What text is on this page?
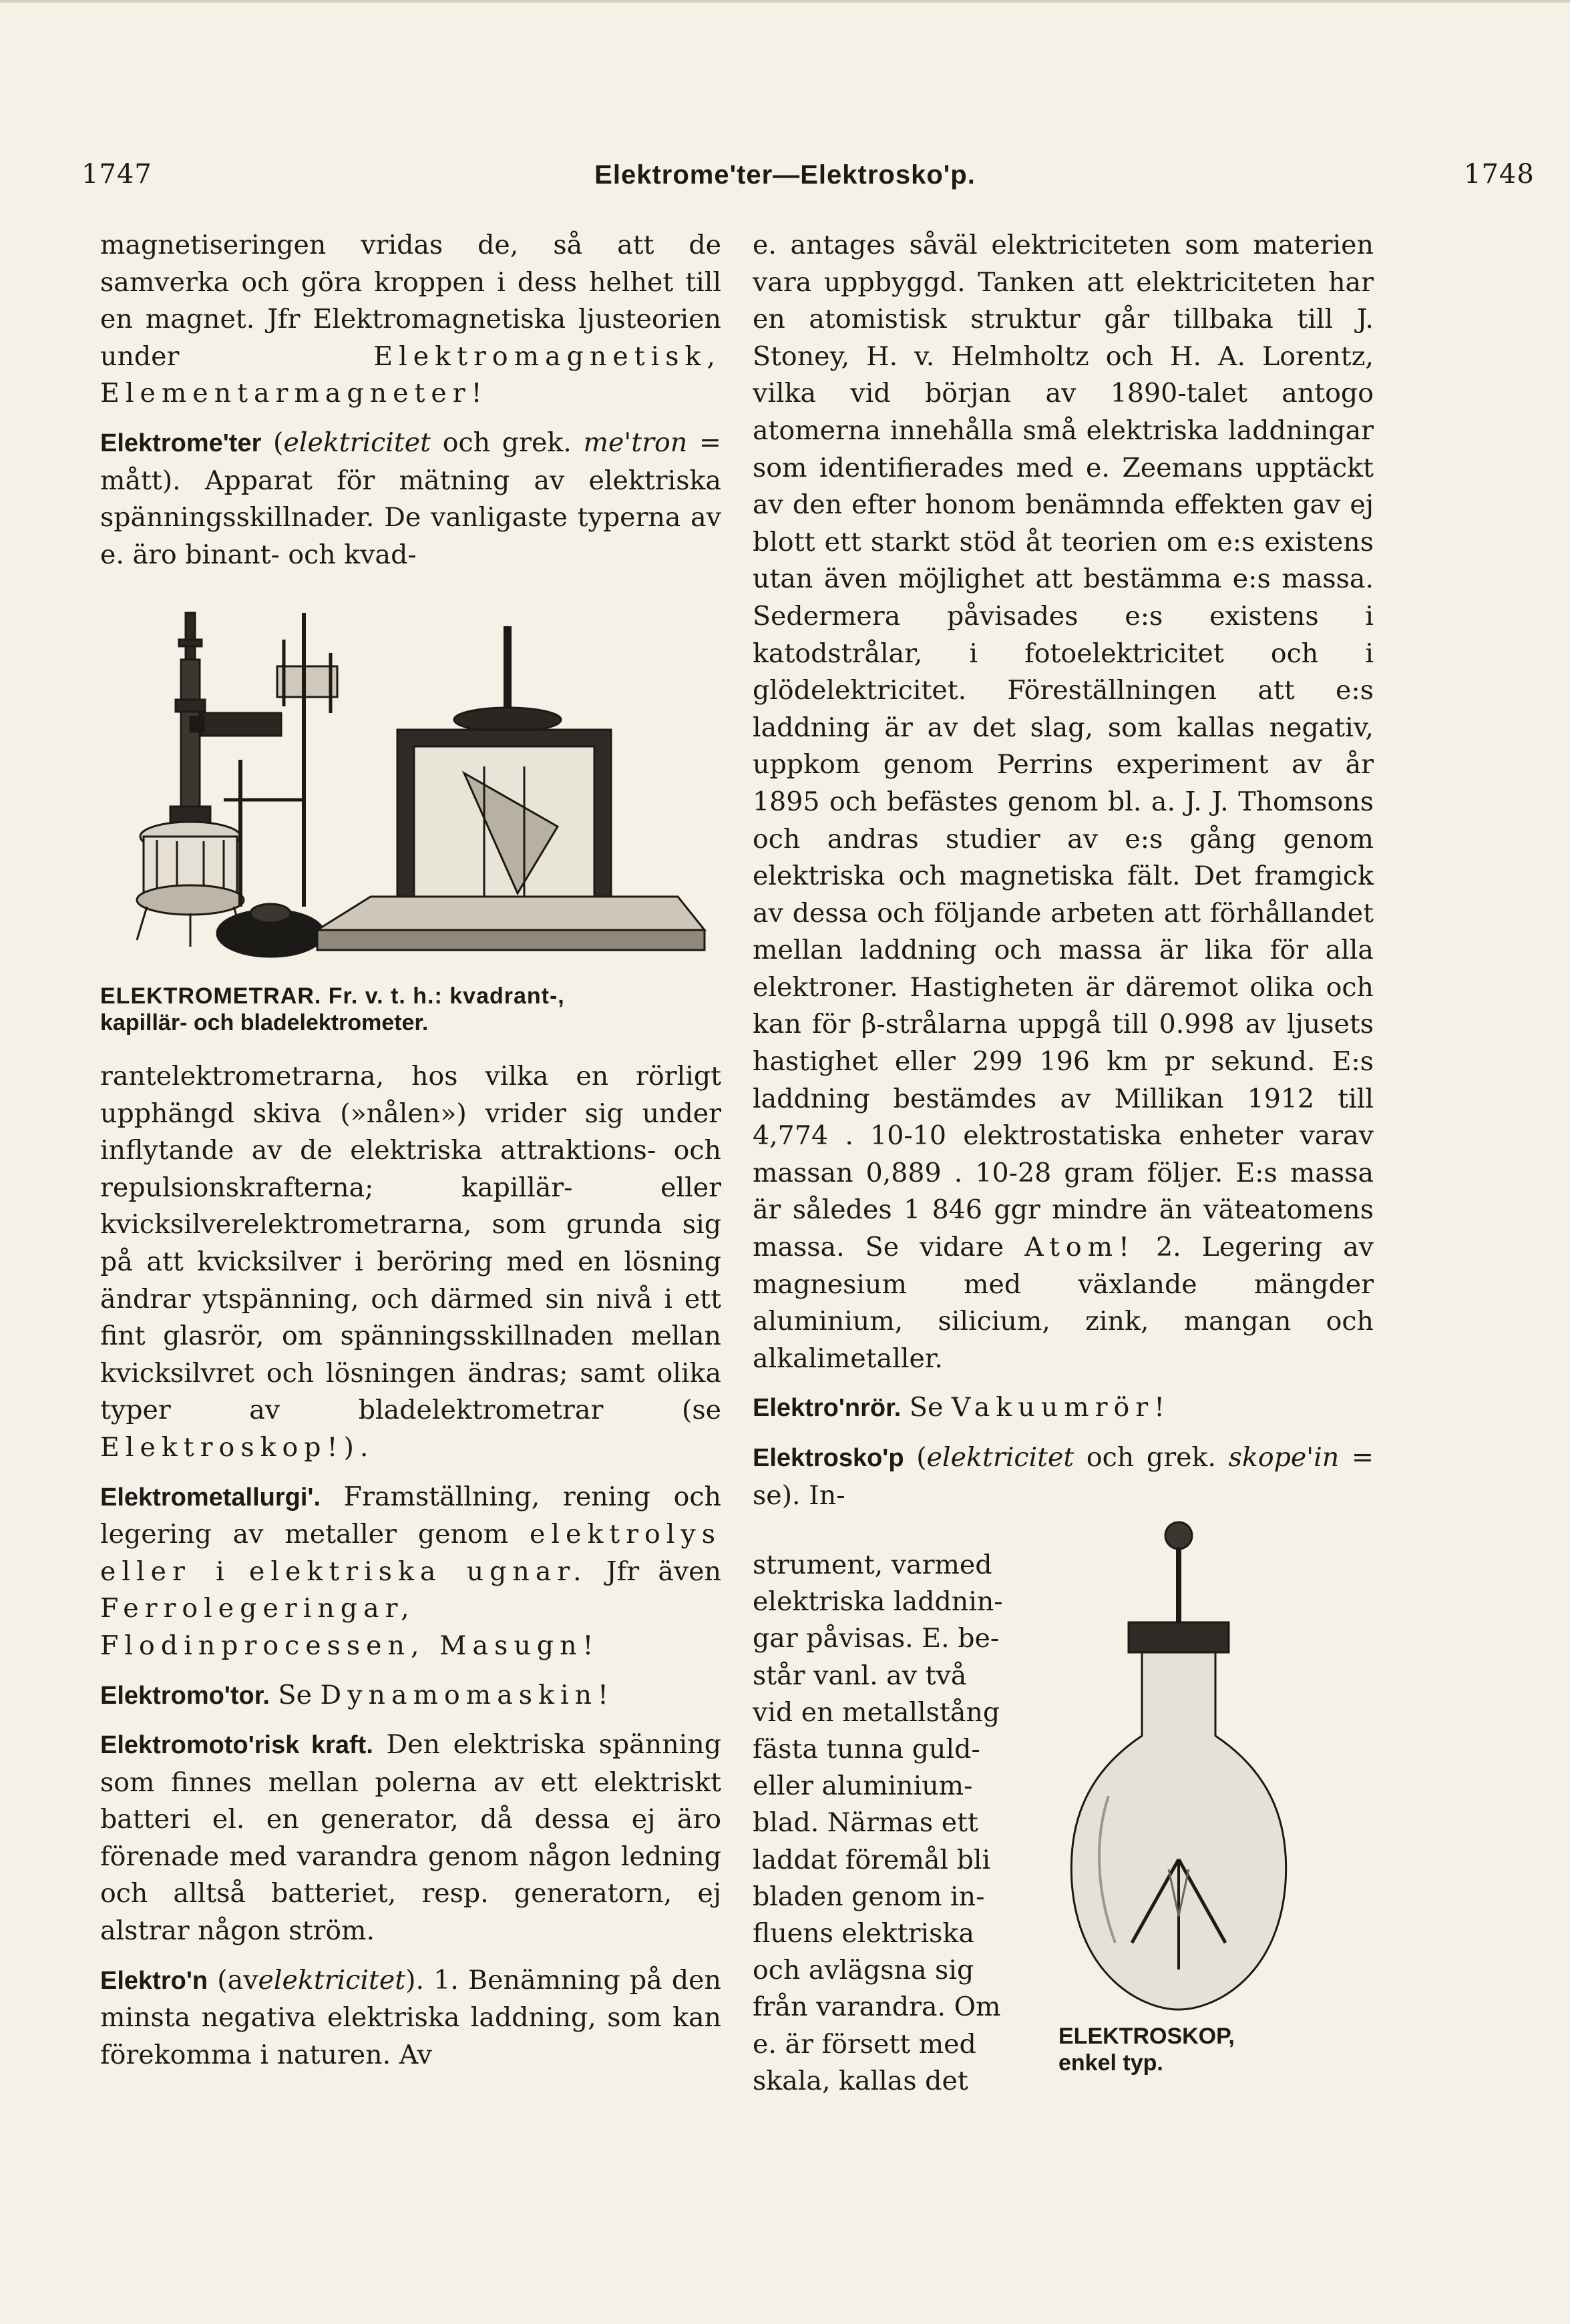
1747	Elektrome'ter—Elektrosko'p.	1748

magnetiseringen vridas de, så att de samverka och göra kroppen i dess helhet till en magnet. Jfr Elektromagnetiska ljusteorien under	Elektromagnetisk, Elementarmagneter!

Elektrome'ter (elektricitet och grek. me'tron = mått). Apparat för mätning av elektriska spänningsskillnader. De vanligaste typerna av e. äro binant- och kvad-

ELEKTROMETRAR. Fr. v. t. h.: kvadrant-,
kapillär- och bladelektrometer.

rantelektrometrarna, hos vilka en rörligt upphängd skiva (»nålen») vrider sig under inflytande av de elektriska attraktions- och repulsionskrafterna; kapillär- eller kvicksilverelektrometrarna, som grunda sig på att kvicksilver i beröring med en lösning ändrar ytspänning, och därmed sin nivå i ett fint glasrör, om spänningsskillnaden mellan kvicksilvret och lösningen ändras; samt olika typer av bladelektrometrar (se Elektroskop!).

Elektrometallurgi'. Framställning, rening och legering av metaller genom elektrolys eller i elektriska ugnar. Jfr även Ferrolegeringar, Flodinprocessen, Masugn!

Elektromo'tor. Se Dynamomaskin!

Elektromoto'risk kraft. Den elektriska spänning som finnes mellan polerna av ett elektriskt batteri el. en generator, då dessa ej äro förenade med varandra genom någon ledning och alltså batteriet, resp. generatorn, ej alstrar någon ström.

Elektro'n (avelektricitet). 1. Benämning på den minsta negativa elektriska laddning, som kan förekomma i naturen. Av

e. antages såväl elektriciteten som materien vara uppbyggd. Tanken att elektriciteten har en atomistisk struktur går tillbaka till J. Stoney, H. v. Helmholtz och H. A. Lorentz, vilka vid början av 1890-talet antogo atomerna innehålla små elektriska laddningar som identifierades med e. Zeemans upptäckt av den efter honom benämnda effekten gav ej blott ett starkt stöd åt teorien om e:s existens utan även möjlighet att bestämma e:s massa. Sedermera påvisades e:s existens i katodstrålar, i fotoelektricitet och i glödelektricitet. Föreställningen att e:s laddning är av det slag, som kallas negativ, uppkom genom Perrins experiment av år 1895 och befästes genom bl. a. J. J. Thomsons och andras studier av e:s gång genom elektriska och magnetiska fält. Det framgick av dessa och följande arbeten att förhållandet mellan laddning och massa är lika för alla elektroner. Hastigheten är däremot olika och kan för β-strålarna uppgå till 0.998 av ljusets hastighet eller 299 196 km pr sekund. E:s laddning bestämdes av Millikan 1912 till 4,774 . 10-10 elektrostatiska enheter varav massan 0,889 . 10-28 gram följer. E:s massa är således 1 846 ggr mindre än väteatomens massa. Se vidare Atom! 2. Legering av magnesium med växlande mängder aluminium, silicium, zink, mangan och alkalimetaller.

Elektro'nrör. Se Vakuumrör!

Elektrosko'p (elektricitet och grek. skope'in = se). In-

strument, varmed

elektriska laddnin-

gar påvisas. E. be-

står vanl. av två

vid en metallstång

fästa tunna guld-

eller aluminium-

blad. Närmas ett

laddat föremål bli

bladen genom in-

fluens elektriska

och avlägsna sig

från varandra. Om

e. är försett med

skala, kallas det

ELEKTROSKOP,
enkel typ.
